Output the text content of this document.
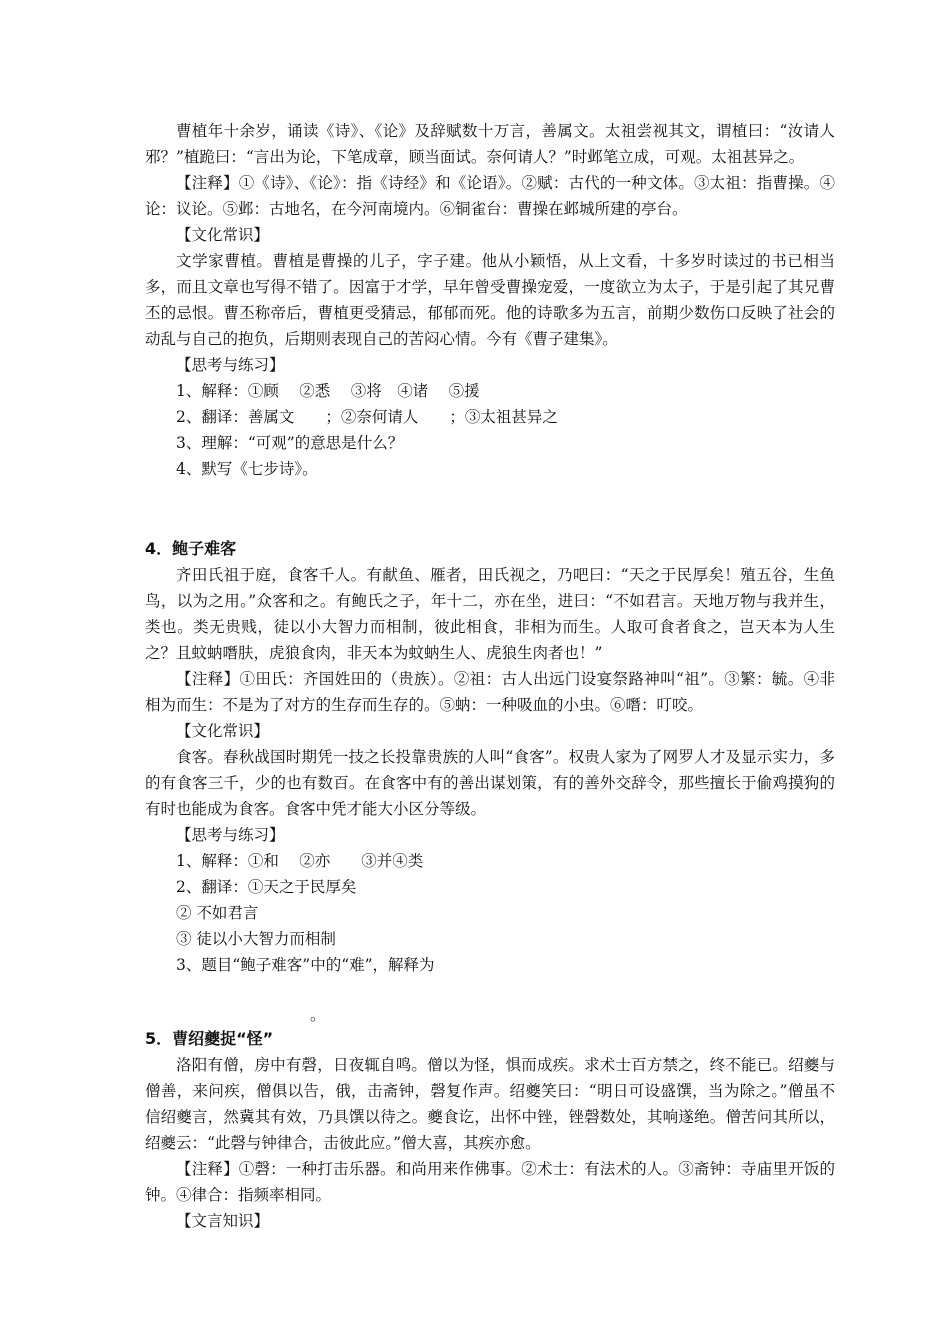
曹植年十余岁，诵读《诗》、《论》及辞赋数十万言，善属文。太祖尝视其文，谓植曰：“汝请人邪？”植跪曰：“言出为论，下笔成章，顾当面试。奈何请人？”时邺笔立成，可观。太祖甚异之。

【注释】①《诗》、《论》：指《诗经》和《论语》。②赋：古代的一种文体。③太祖：指曹操。④论：议论。⑤邺：古地名，在今河南境内。⑥铜雀台：曹操在邺城所建的亭台。

【文化常识】

文学家曹植。曹植是曹操的儿子，字子建。他从小颖悟，从上文看，十多岁时读过的书已相当多，而且文章也写得不错了。因富于才学，早年曾受曹操宠爱，一度欲立为太子，于是引起了其兄曹丕的忌恨。曹丕称帝后，曹植更受猜忌，郁郁而死。他的诗歌多为五言，前期少数伤口反映了社会的动乱与自己的抱负，后期则表现自己的苦闷心情。今有《曹子建集》。

【思考与练习】

1、解释：①顾　 ②悉　 ③将　④诸　 ⑤援

2、翻译：善属文　　；②奈何请人　　；③太祖甚异之

3、理解：“可观”的意思是什么？

4、默写《七步诗》。

4．鲍子难客

齐田氏祖于庭，食客千人。有献鱼、雁者，田氏视之，乃吧曰：“天之于民厚矣！殖五谷，生鱼鸟，以为之用。”众客和之。有鲍氏之子，年十二，亦在坐，进曰：“不如君言。天地万物与我并生，类也。类无贵贱，徒以小大智力而相制，彼此相食，非相为而生。人取可食者食之，岂天本为人生之？且蚊蚋噆肤，虎狼食肉，非天本为蚊蚋生人、虎狼生肉者也！”

【注释】①田氏：齐国姓田的（贵族）。②祖：古人出远门设宴祭路神叫“祖”。③繁：毓。④非相为而生：不是为了对方的生存而生存的。⑤蚋：一种吸血的小虫。⑥噆：叮咬。

【文化常识】

食客。春秋战国时期凭一技之长投靠贵族的人叫“食客”。权贵人家为了网罗人才及显示实力，多的有食客三千，少的也有数百。在食客中有的善出谋划策，有的善外交辞令，那些擅长于偷鸡摸狗的有时也能成为食客。食客中凭才能大小区分等级。

【思考与练习】

1、解释：①和　 ②亦　　③并④类

2、翻译：①天之于民厚矣

② 不如君言

③ 徒以小大智力而相制

3、题目“鲍子难客”中的“难”，解释为

。

5．曹绍夔捉“怪”

洛阳有僧，房中有磬，日夜辄自鸣。僧以为怪，惧而成疾。求术士百方禁之，终不能已。绍夔与僧善，来问疾，僧俱以告，俄，击斋钟，磬复作声。绍夔笑曰：“明日可设盛馔，当为除之。”僧虽不信绍夔言，然冀其有效，乃具馔以待之。夔食讫，出怀中锉，锉磬数处，其响遂绝。僧苦问其所以，绍夔云：“此磬与钟律合，击彼此应。”僧大喜，其疾亦愈。

【注释】①磬：一种打击乐器。和尚用来作佛事。②术士：有法术的人。③斋钟：寺庙里开饭的钟。④律合：指频率相同。

【文言知识】
